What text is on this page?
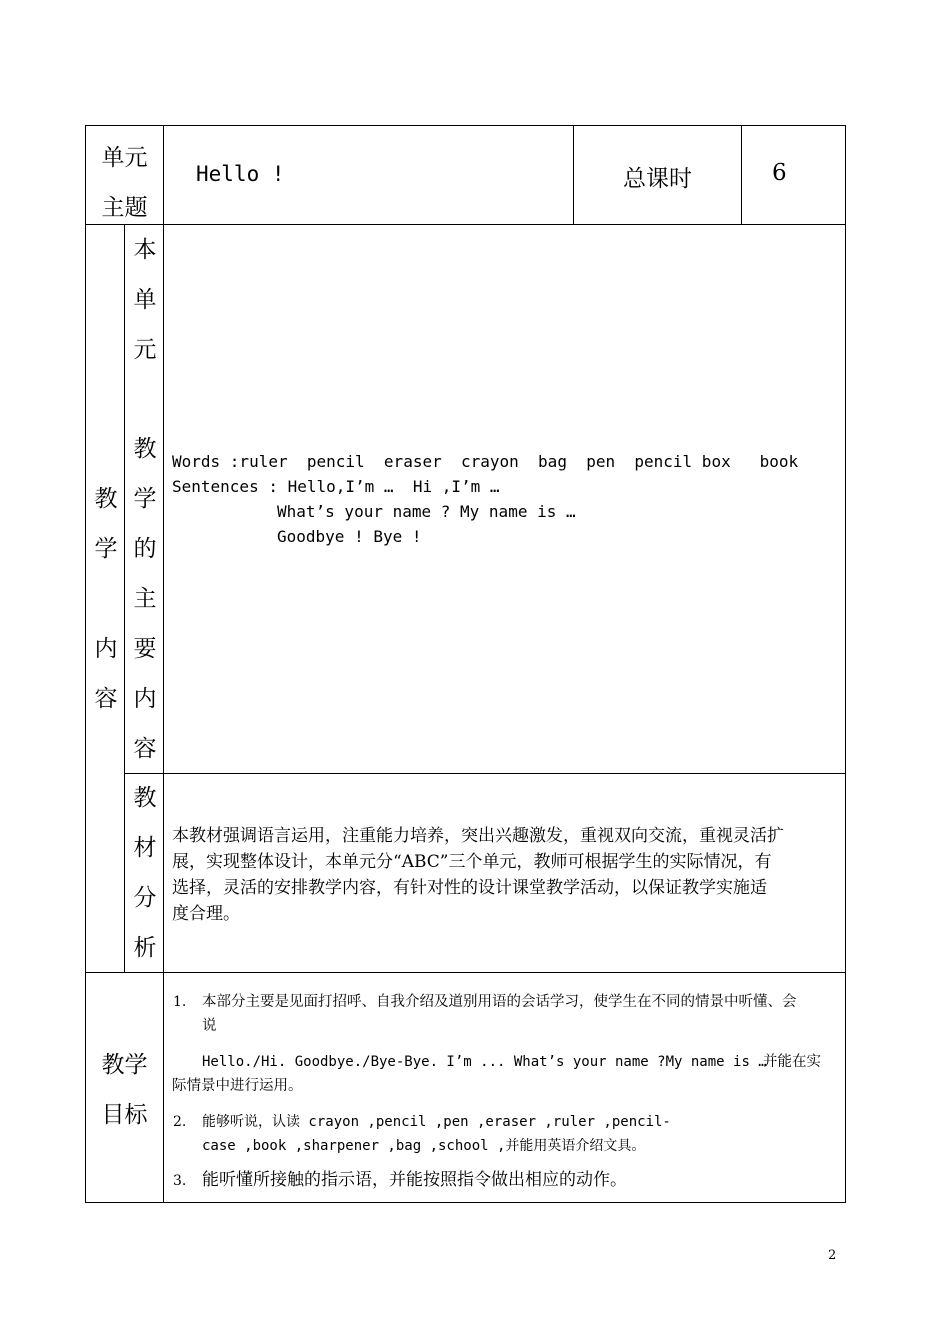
单元
主题
Hello !	总课时	6
教
学
内
容
本
单
元
教
学
的
主
要
内
容
Words :ruler  pencil  eraser  crayon  bag  pen  pencil box   book
Sentences : Hello,I’m …  Hi ,I’m …
What’s your name ? My name is …
Goodbye ! Bye !
教
材
分
析
本教材强调语言运用，注重能力培养，突出兴趣激发，重视双向交流，重视灵活扩
展，实现整体设计，本单元分“ABC”三个单元，教师可根据学生的实际情况，有
选择，灵活的安排教学内容，有针对性的设计课堂教学活动，以保证教学实施适
度合理。
教学
目标
1. 本部分主要是见面打招呼、自我介绍及道别用语的会话学习，使学生在不同的情景中听懂、会
说
Hello./Hi. Goodbye./Bye-Bye. I’m ... What’s your name ?My name is …
并能在实
际情景中进行运用。
2. 能够听说，认读 crayon ,pencil ,pen ,eraser ,ruler ,pencil-
case ,book ,sharpener ,bag ,school ,并能用英语介绍文具。
3. 能听懂所接触的指示语，并能按照指令做出相应的动作。
2
